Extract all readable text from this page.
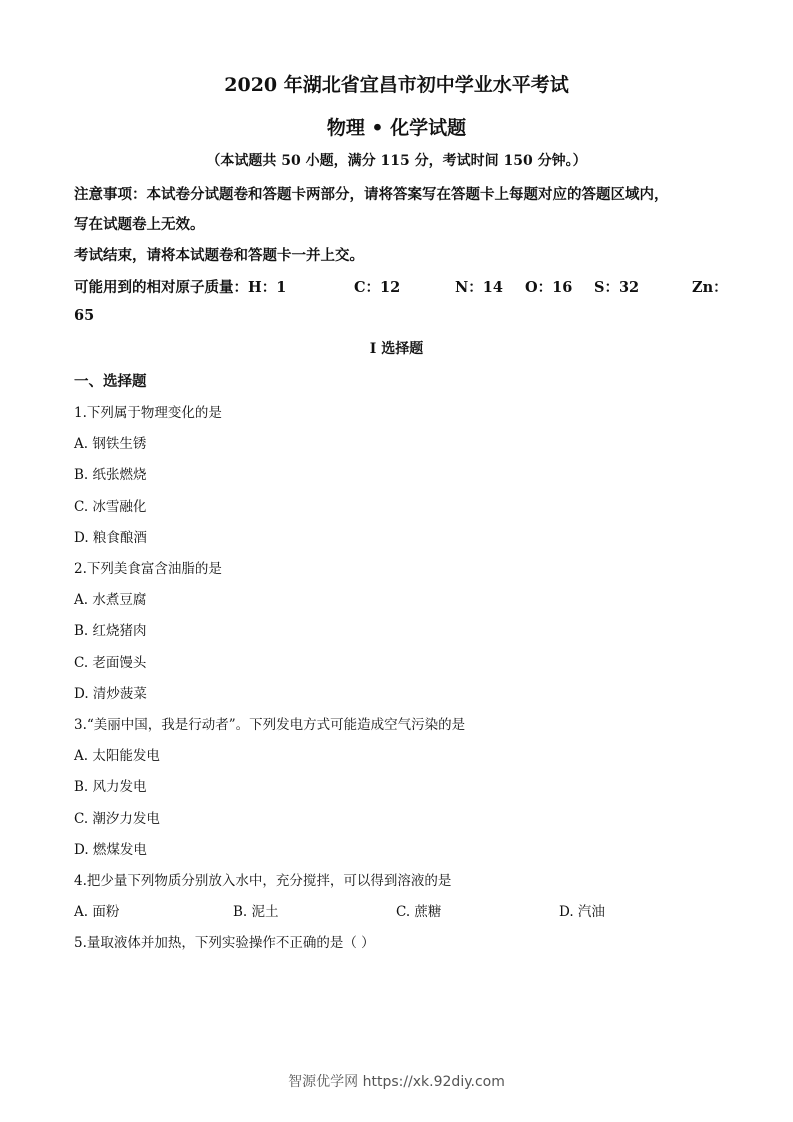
2020 年湖北省宜昌市初中学业水平考试
物理 • 化学试题
（本试题共 50 小题，满分 115 分，考试时间 150 分钟。）
注意事项：本试卷分试题卷和答题卡两部分，请将答案写在答题卡上每题对应的答题区域内，
写在试题卷上无效。
考试结束，请将本试题卷和答题卡一并上交。
可能用到的相对原子质量：H：1	C：12	N：14 O：16 S：32	Zn：
65
I 选择题
一、选择题
1.下列属于物理变化的是
A. 钢铁生锈
B. 纸张燃烧
C. 冰雪融化
D. 粮食酿酒
2.下列美食富含油脂的是
A. 水煮豆腐
B. 红烧猪肉
C. 老面馒头
D. 清炒菠菜
3.“美丽中国，我是行动者”。下列发电方式可能造成空气污染的是
A. 太阳能发电
B. 风力发电
C. 潮汐力发电
D. 燃煤发电
4.把少量下列物质分别放入水中，充分搅拌，可以得到溶液的是
A. 面粉	B. 泥土	C. 蔗糖	D. 汽油
5.量取液体并加热，下列实验操作不正确的是（ ）
智源优学网 https://xk.92diy.com
